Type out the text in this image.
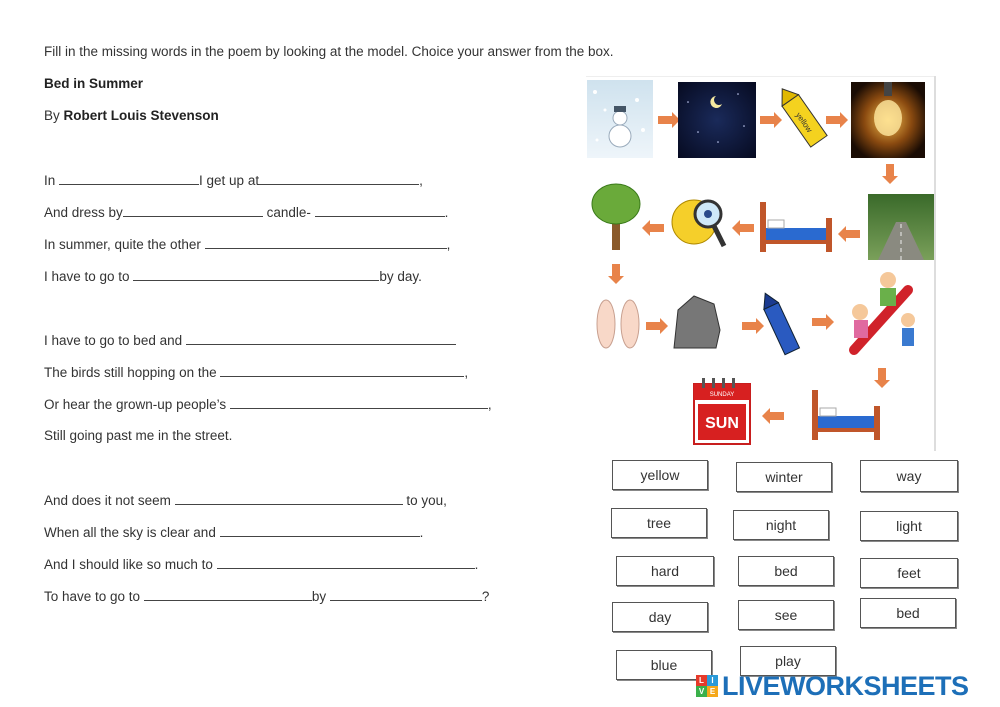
Fill in the missing words in the poem by looking at the model. Choice your answer from the box.
Bed in Summer
By Robert Louis Stevenson
In	I get up at	,
And dress by	candle-	.
In summer, quite the other	,
I have to go to	by day.
I have to go to bed and
The birds still hopping on the	,
Or hear the grown-up people’s	,
Still going past me in the street.
And does it not seem	to you,
When all the sky is clear and	.
And I should like so much to	.
To have to go to	by	?
yellow
SUNDAY
SUN
yellow	winter	way
tree	night	light
hard	bed	feet
day	see	bed
blue	play
L I
V E LIVEWORKSHEETS
